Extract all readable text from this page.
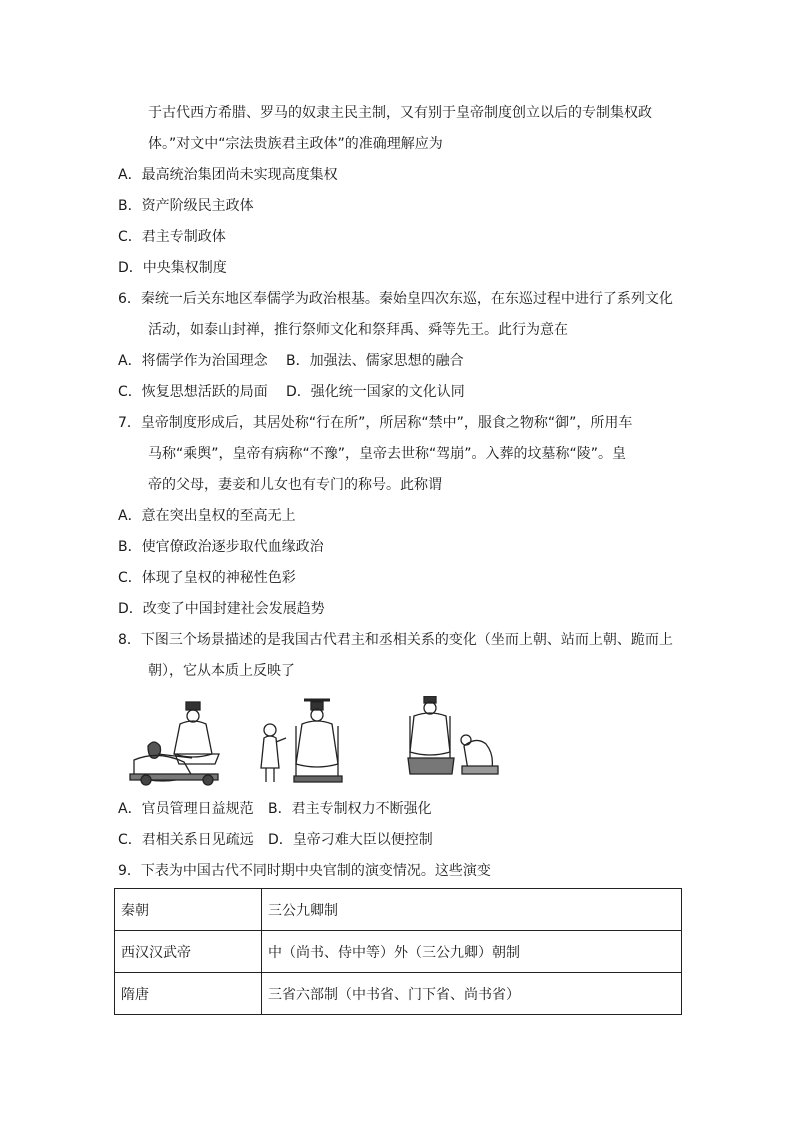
于古代西方希腊、罗马的奴隶主民主制，又有别于皇帝制度创立以后的专制集权政
体。”对文中“宗法贵族君主政体”的准确理解应为
A．最高统治集团尚未实现高度集权
B．资产阶级民主政体
C．君主专制政体
D．中央集权制度
6．秦统一后关东地区奉儒学为政治根基。秦始皇四次东巡，在东巡过程中进行了系列文化
活动，如泰山封禅，推行祭师文化和祭拜禹、舜等先王。此行为意在
A．将儒学作为治国理念 B．加强法、儒家思想的融合
C．恢复思想活跃的局面 D．强化统一国家的文化认同
7．皇帝制度形成后，其居处称“行在所”，所居称“禁中”，服食之物称“御”，所用车
马称“乘舆”，皇帝有病称“不豫”，皇帝去世称“驾崩”。入葬的坟墓称“陵”。皇
帝的父母，妻妾和儿女也有专门的称号。此称谓
A．意在突出皇权的至高无上
B．使官僚政治逐步取代血缘政治
C．体现了皇权的神秘性色彩
D．改变了中国封建社会发展趋势
8．下图三个场景描述的是我国古代君主和丞相关系的变化（坐而上朝、站而上朝、跪而上
朝），它从本质上反映了
A．官员管理日益规范 B．君主专制权力不断强化
C．君相关系日见疏远 D．皇帝刁难大臣以便控制
9．下表为中国古代不同时期中央官制的演变情况。这些演变
秦朝	三公九卿制
西汉汉武帝	中（尚书、侍中等）外（三公九卿）朝制
隋唐	三省六部制（中书省、门下省、尚书省）
